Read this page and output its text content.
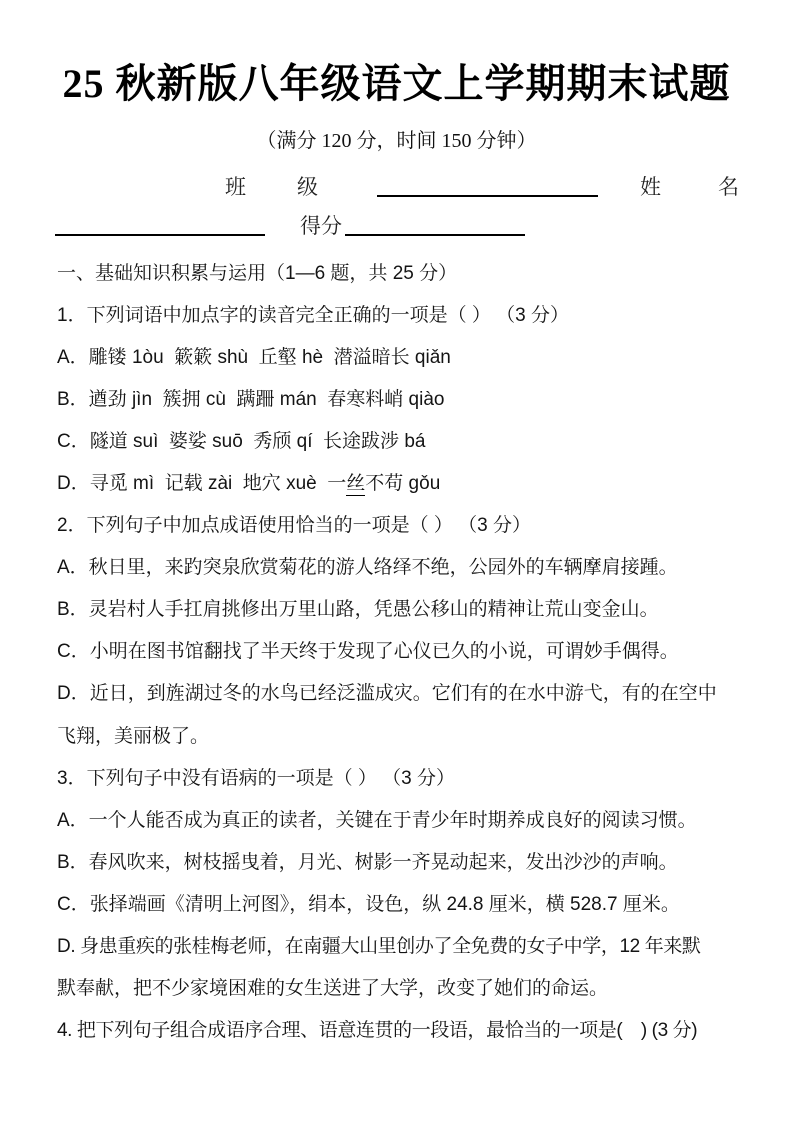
25 秋新版八年级语文上学期期末试题
（满分 120 分，时间 150 分钟）
班 级	姓	名
得分
一、基础知识积累与运用（1—6 题，共 25 分）
1．下列词语中加点字的读音完全正确的一项是（ ） （3 分）
A．雕镂 1òu  簌簌 shù  丘壑 hè  潜溢暗长 qiǎn
B．遒劲 jìn  簇拥 cù  蹒跚 mán  春寒料峭 qiào
C．隧道 suì  婆娑 suō  秀颀 qí  长途跋涉 bá
D．寻觅 mì  记载 zài  地穴 xuè  一 丝 不苟 gǒu
2．下列句子中加点成语使用恰当的一项是（ ） （3 分）
A．秋日里，来趵突泉欣赏菊花的游人络绎不绝，公园外的车辆摩肩接踵。
B．灵岩村人手扛肩挑修出万里山路，凭愚公移山的精神让荒山变金山。
C．小明在图书馆翻找了半天终于发现了心仪已久的小说，可谓妙手偶得。
D．近日，到旌湖过冬的水鸟已经泛滥成灾。它们有的在水中游弋，有的在空中
飞翔，美丽极了。
3．下列句子中没有语病的一项是（ ） （3 分）
A．一个人能否成为真正的读者，关键在于青少年时期养成良好的阅读习惯。
B．春风吹来，树枝摇曳着，月光、树影一齐晃动起来，发出沙沙的声响。
C．张择端画《清明上河图》，绢本，设色，纵 24.8 厘米，横 528.7 厘米。
D. 身患重疾的张桂梅老师，在南疆大山里创办了全免费的女子中学，12 年来默
默奉献，把不少家境困难的女生送进了大学，改变了她们的命运。
4. 把下列句子组合成语序合理、语意连贯的一段语，最恰当的一项是(　) (3 分)
